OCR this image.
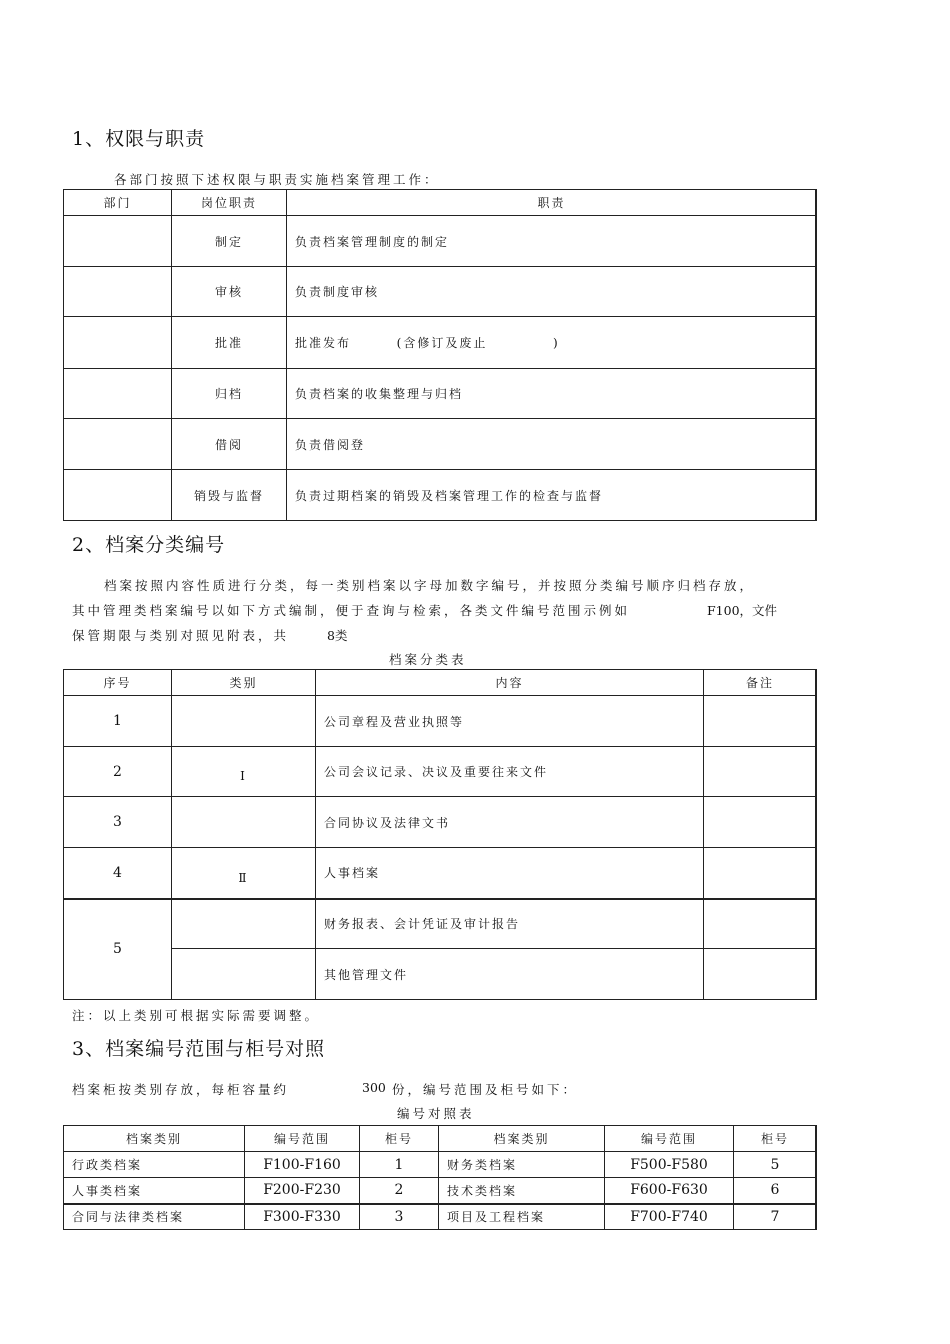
1、权限与职责
各部门按照下述权限与职责实施档案管理工作：
部门	岗位职责	职责
	制定	负责档案管理制度的制定
	审核	负责制度审核
	批准	批准发布 (含修订及废止 )
	归档	负责档案的收集整理与归档
	借阅	负责借阅登
	销毁与监督	负责过期档案的销毁及档案管理工作的检查与监督
2、档案分类编号
档案按照内容性质进行分类，每一类别档案以字母加数字编号，并按照分类编号顺序归档存放，
其中管理类档案编号以如下方式编制，便于查询与检索，各类文件编号范围示例如	F100，文件
保管期限与类别对照见附表，共	8类
档案分类表
序号	类别	内容	备注
1		公司章程及营业执照等	
2	Ⅰ	公司会议记录、决议及重要往来文件	
3		合同协议及法律文书	
4	Ⅱ	人事档案	
5		财务报表、会计凭证及审计报告	
		其他管理文件	
注：以上类别可根据实际需要调整。
3、档案编号范围与柜号对照
档案柜按类别存放，每柜容量约	300 份，编号范围及柜号如下：
编号对照表
档案类别	编号范围	柜号	档案类别	编号范围	柜号
行政类档案	F100-F160	1	财务类档案	F500-F580	5
人事类档案	F200-F230	2	技术类档案	F600-F630	6
合同与法律类档案	F300-F330	3	项目及工程档案	F700-F740	7
